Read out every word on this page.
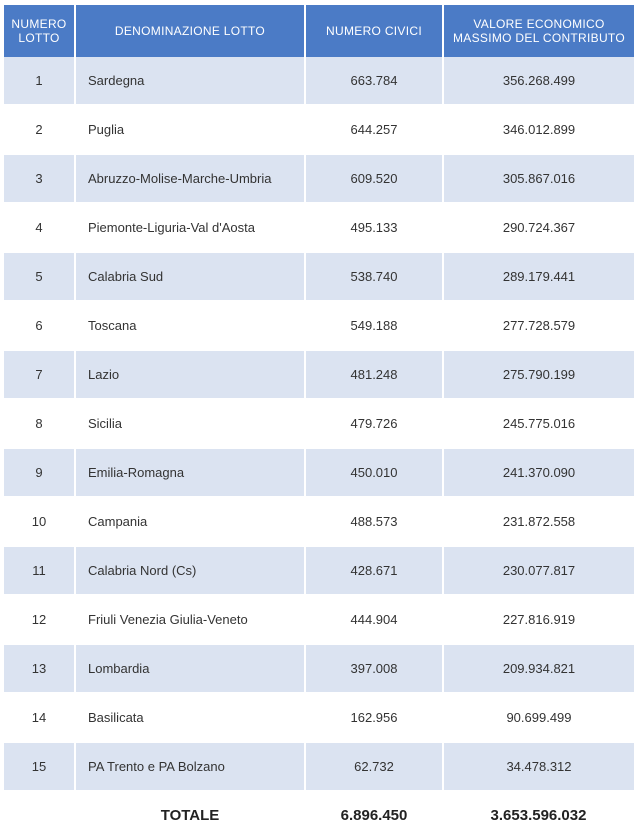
NUMERO
LOTTO	DENOMINAZIONE LOTTO	NUMERO CIVICI	VALORE ECONOMICO
MASSIMO DEL CONTRIBUTO
1	Sardegna	663.784	356.268.499
2	Puglia	644.257	346.012.899
3	Abruzzo-Molise-Marche-Umbria	609.520	305.867.016
4	Piemonte-Liguria-Val d'Aosta	495.133	290.724.367
5	Calabria Sud	538.740	289.179.441
6	Toscana	549.188	277.728.579
7	Lazio	481.248	275.790.199
8	Sicilia	479.726	245.775.016
9	Emilia-Romagna	450.010	241.370.090
10	Campania	488.573	231.872.558
11	Calabria Nord (Cs)	428.671	230.077.817
12	Friuli Venezia Giulia-Veneto	444.904	227.816.919
13	Lombardia	397.008	209.934.821
14	Basilicata	162.956	90.699.499
15	PA Trento e PA Bolzano	62.732	34.478.312
	TOTALE	6.896.450	3.653.596.032
